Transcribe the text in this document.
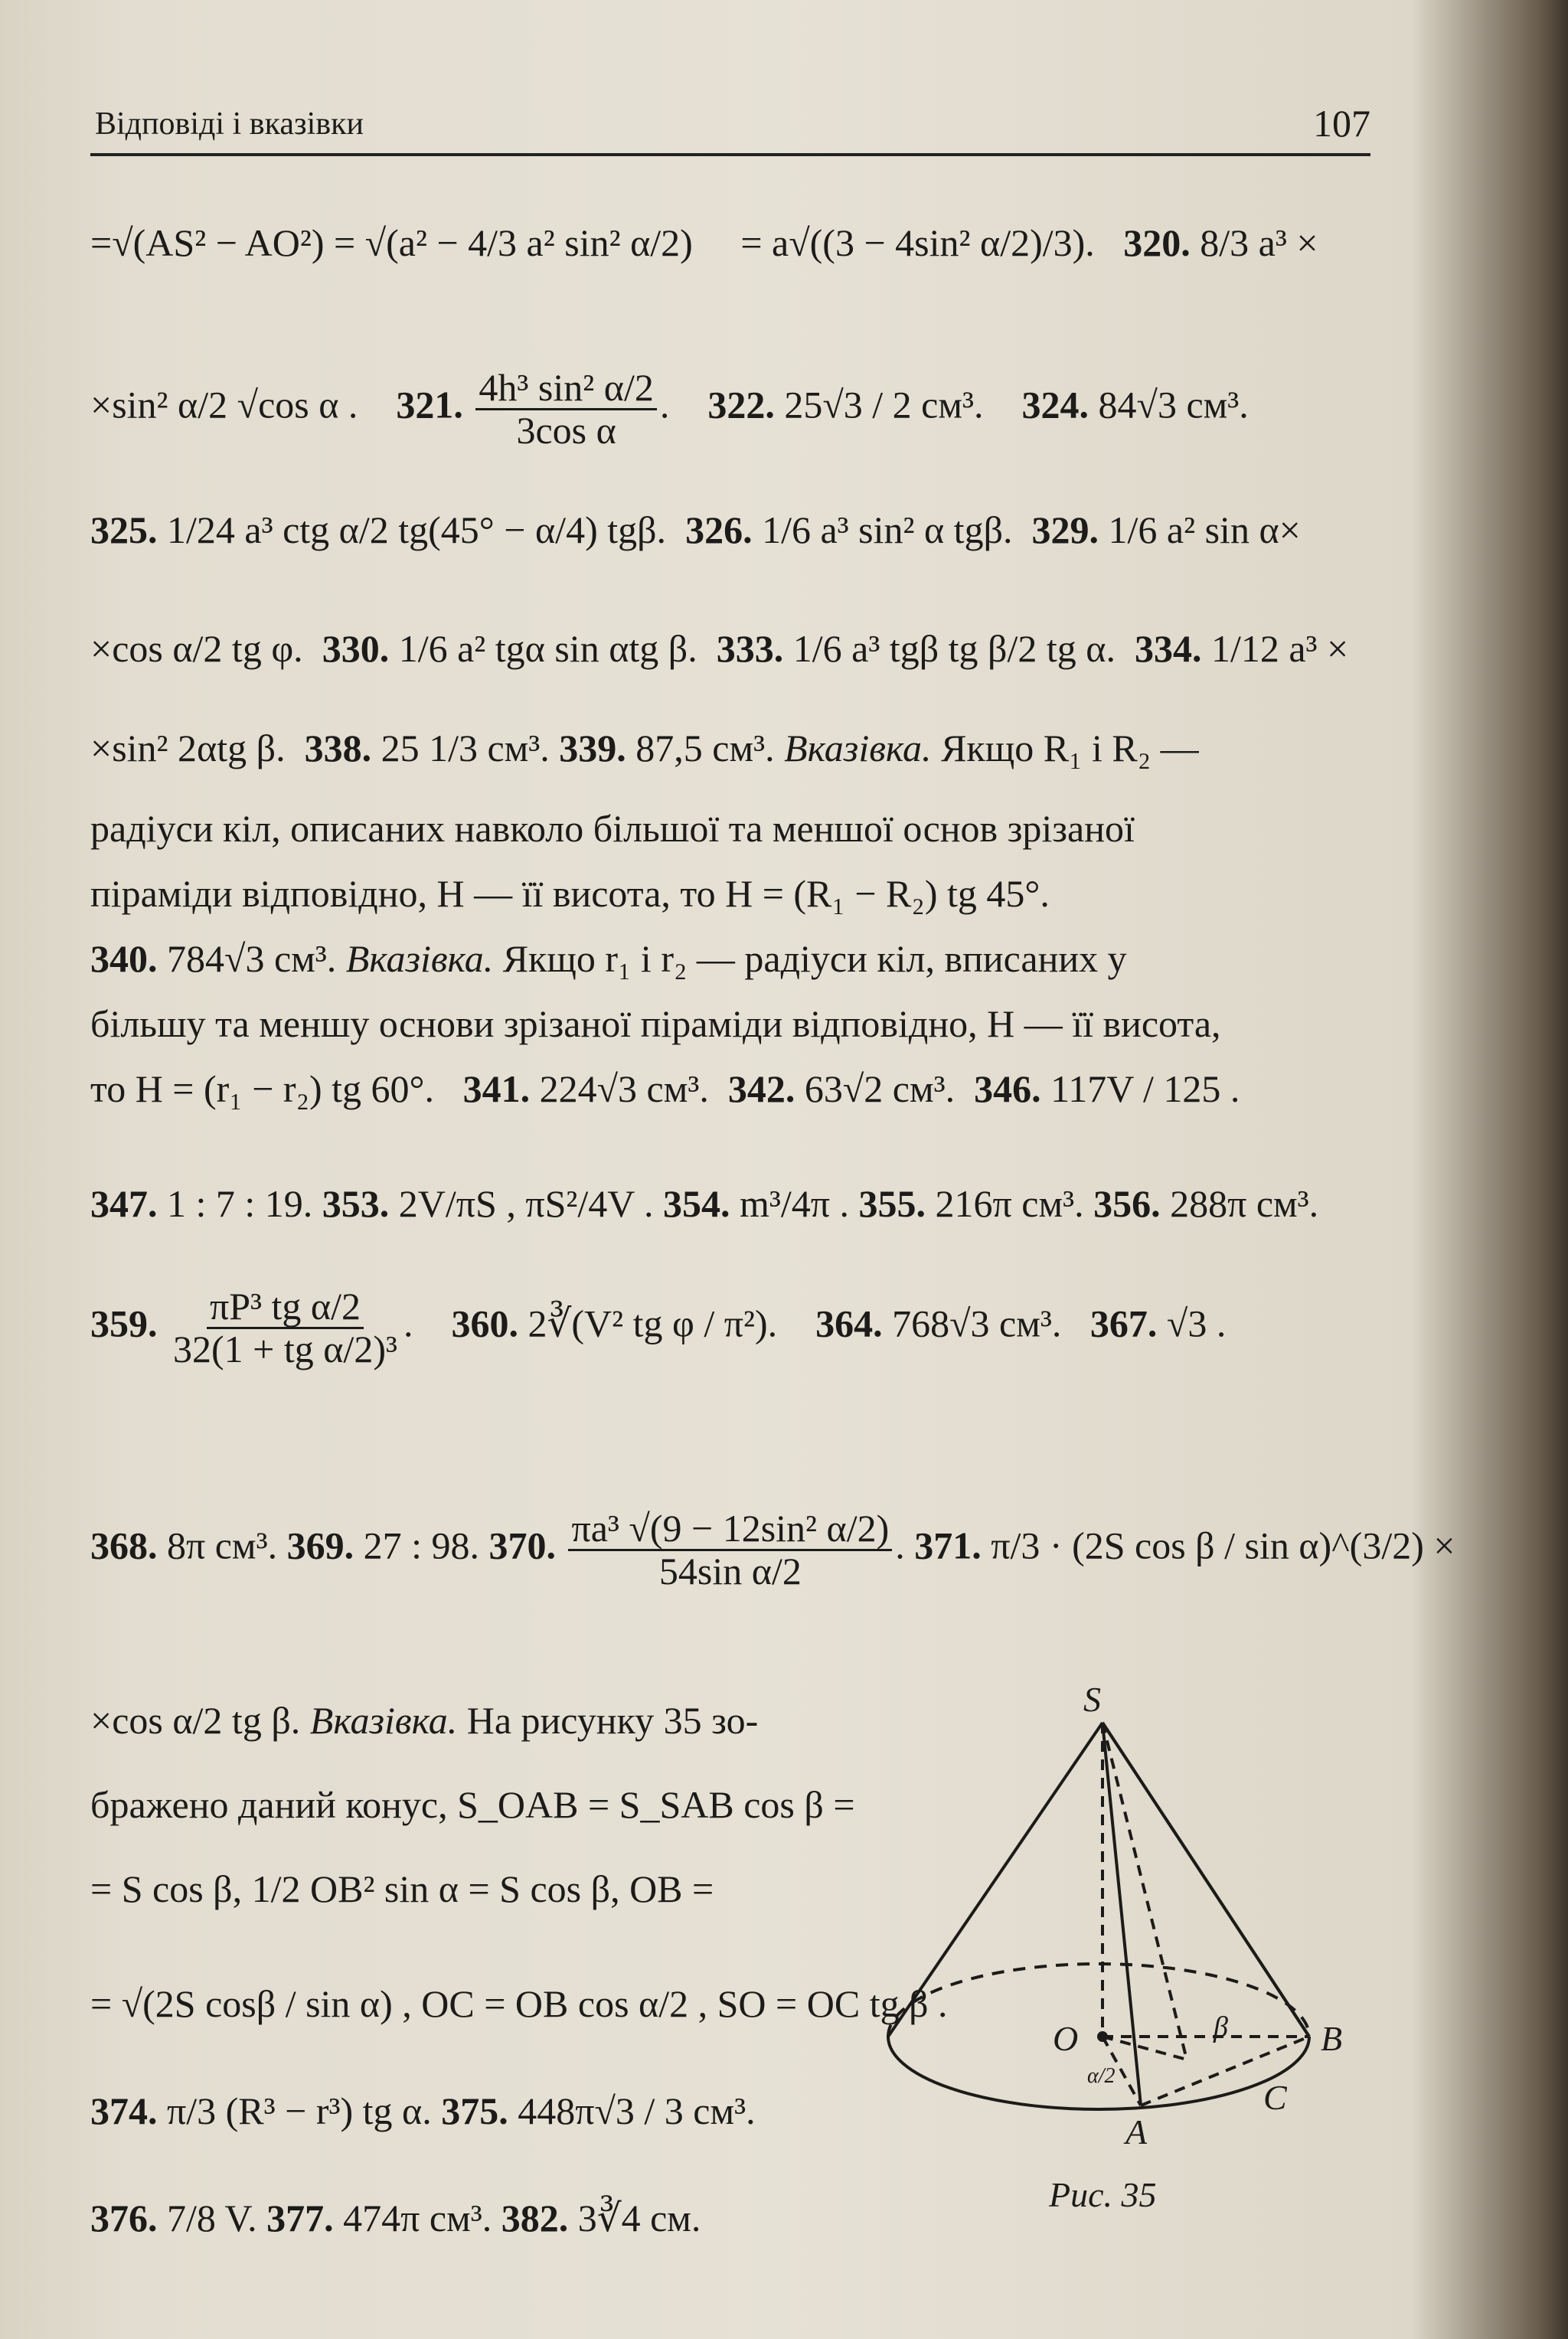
Відповіді і вказівки	107
=√(AS² − AO²) = √(a² − 4/3 a² sin² α/2) = a√((3 − 4sin² α/2)/3). 320. 8/3 a³ ×
×sin² α/2 √cos α . 321. $\frac{\text{4h³ sin² α/2}}{\text{3cos α}}$ .    322. 25√3 / 2 см³. 324. 84√3 см³.
325. 1/24 a³ ctg α/2 tg(45° − α/4) tgβ. 326. 1/6 a³ sin² α tgβ. 329. 1/6 a² sin α×
×cos α/2 tg φ. 330. 1/6 a² tgα sin αtg β. 333. 1/6 a³ tgβ tg β/2 tg α. 334. 1/12 a³ ×
×sin² 2αtg β. 338. 25 1/3 см³. 339. 87,5 см³. Вказівка. Якщо R₁ і R₂ —
радіуси кіл, описаних навколо більшої та меншої основ зрізаної
піраміди відповідно, H — її висота, то H = (R₁ − R₂) tg 45°.
340. 784√3 см³. Вказівка. Якщо r₁ і r₂ — радіуси кіл, вписаних у
більшу та меншу основи зрізаної піраміди відповідно, H — її висота,
то H = (r₁ − r₂) tg 60°. 341. 224√3 см³. 342. 63√2 см³. 346. 117V / 125 .
347. 1 : 7 : 19. 353. 2V/πS , πS²/4V . 354. m³/4π . 355. 216π см³. 356. 288π см³.
359. $\frac{\text{πP³ tg α/2}}{\text{32(1 + tg α/2)³}}$ .    360. 2∛(V² tg φ / π²). 364. 768√3 см³. 367. √3 .
368. 8π см³. 369. 27 : 98. 370. $\frac{\text{πa³ √(9 − 12sin² α/2)}}{\text{54sin α/2}}$ . 371. π/3 · (2S cos β / sin α)^(3/2) ×
×cos α/2 tg β. Вказівка. На рисунку 35 зо-
бражено даний конус, S_OAB = S_SAB cos β =
= S cos β, 1/2 OB² sin α = S cos β, OB =
= √(2S cosβ / sin α) , OC = OB cos α/2 , SO = OC tg β .
374. π/3 (R³ − r³) tg α. 375. 448π√3 / 3 см³.
376. 7/8 V. 377. 474π см³. 382. 3∛4 см.
S
O	B
C
A
β
α/2
Рис. 35
